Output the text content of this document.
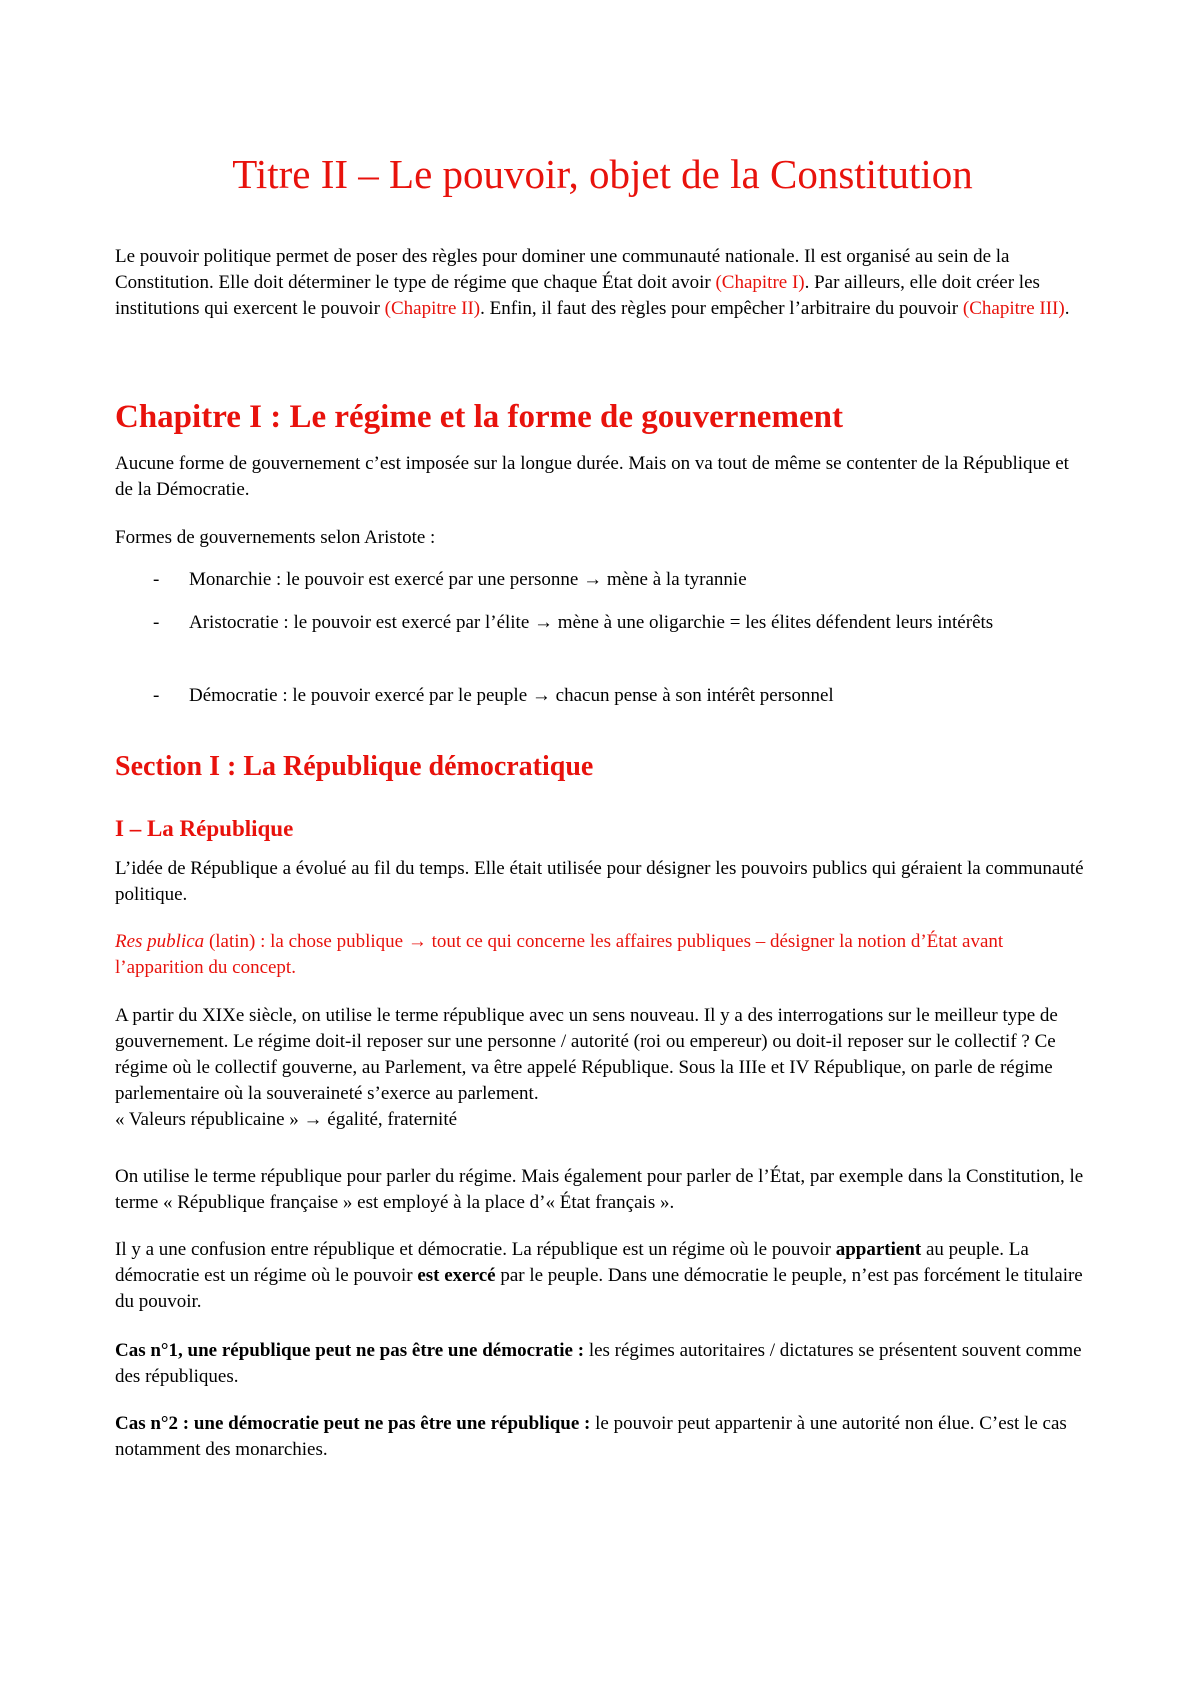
Titre II – Le pouvoir, objet de la Constitution

Le pouvoir politique permet de poser des règles pour dominer une communauté nationale. Il est organisé au sein de la Constitution. Elle doit déterminer le type de régime que chaque État doit avoir (Chapitre I). Par ailleurs, elle doit créer les institutions qui exercent le pouvoir (Chapitre II). Enfin, il faut des règles pour empêcher l’arbitraire du pouvoir (Chapitre III).

Chapitre I : Le régime et la forme de gouvernement

Aucune forme de gouvernement c’est imposée sur la longue durée. Mais on va tout de même se contenter de la République et de la Démocratie.

Formes de gouvernements selon Aristote :

- Monarchie : le pouvoir est exercé par une personne → mène à la tyrannie
- Aristocratie : le pouvoir est exercé par l’élite → mène à une oligarchie = les élites défendent leurs intérêts
- Démocratie : le pouvoir exercé par le peuple → chacun pense à son intérêt personnel
Section I : La République démocratique
I – La République

L’idée de République a évolué au fil du temps. Elle était utilisée pour désigner les pouvoirs publics qui géraient la communauté politique.

Res publica (latin) : la chose publique → tout ce qui concerne les affaires publiques – désigner la notion d’État avant l’apparition du concept.

A partir du XIXe siècle, on utilise le terme république avec un sens nouveau. Il y a des interrogations sur le meilleur type de gouvernement. Le régime doit-il reposer sur une personne / autorité (roi ou empereur) ou doit-il reposer sur le collectif ? Ce régime où le collectif gouverne, au Parlement, va être appelé République. Sous la IIIe et IV République, on parle de régime parlementaire où la souveraineté s’exerce au parlement.
« Valeurs républicaine » → égalité, fraternité

On utilise le terme république pour parler du régime. Mais également pour parler de l’État, par exemple dans la Constitution, le terme « République française » est employé à la place d’« État français ».

Il y a une confusion entre république et démocratie. La république est un régime où le pouvoir appartient au peuple. La démocratie est un régime où le pouvoir est exercé par le peuple. Dans une démocratie le peuple, n’est pas forcément le titulaire du pouvoir.

Cas n°1, une république peut ne pas être une démocratie : les régimes autoritaires / dictatures se présentent souvent comme des républiques.

Cas n°2 : une démocratie peut ne pas être une république : le pouvoir peut appartenir à une autorité non élue. C’est le cas notamment des monarchies.
